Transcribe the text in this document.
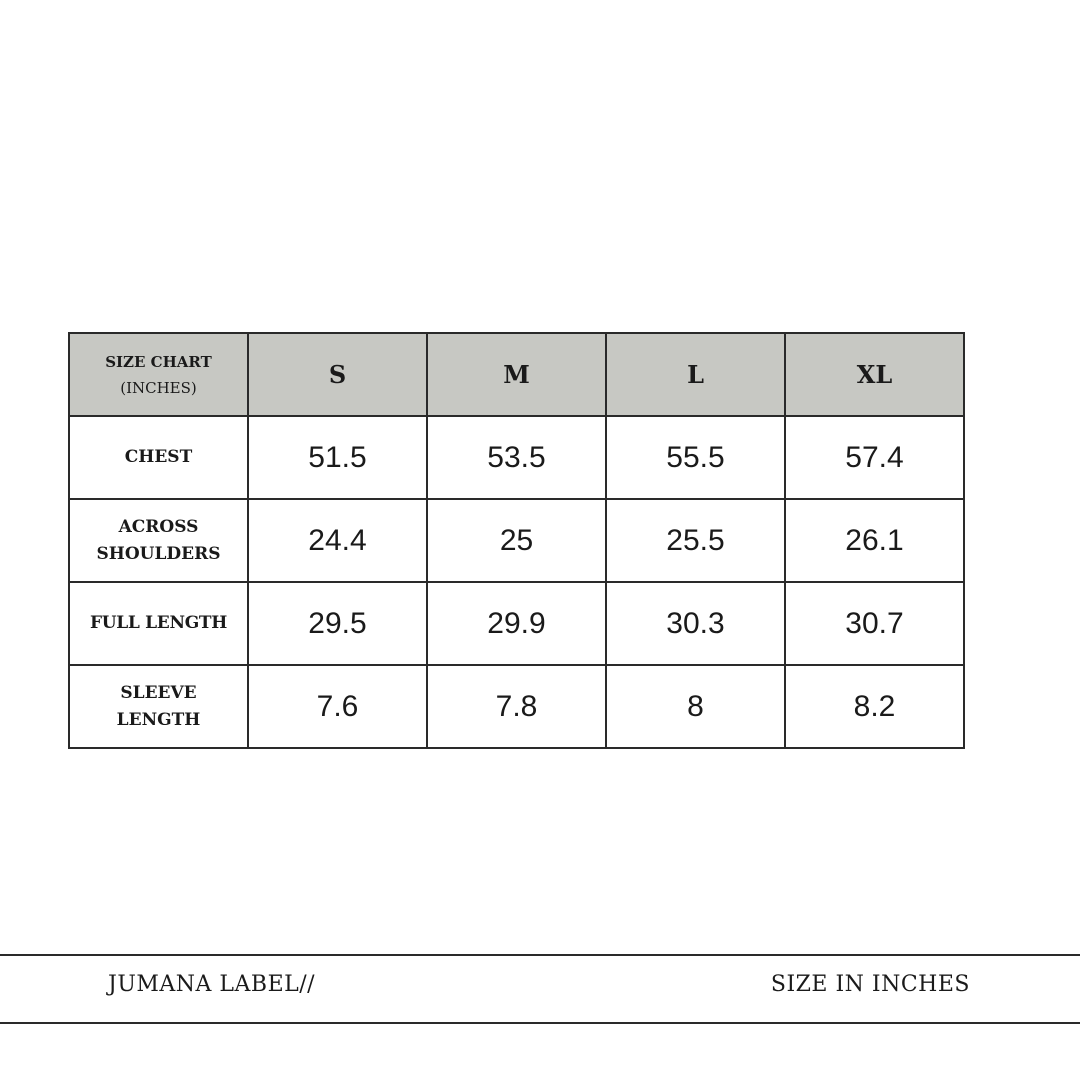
SIZE CHART
(INCHES)	S	M	L	XL
CHEST	51.5	53.5	55.5	57.4

ACROSS
SHOULDERS	24.4	25	25.5	26.1
FULL LENGTH	29.5	29.9	30.3	30.7

SLEEVE
LENGTH	7.6	7.8	8	8.2
JUMANA LABEL//	SIZE IN INCHES
